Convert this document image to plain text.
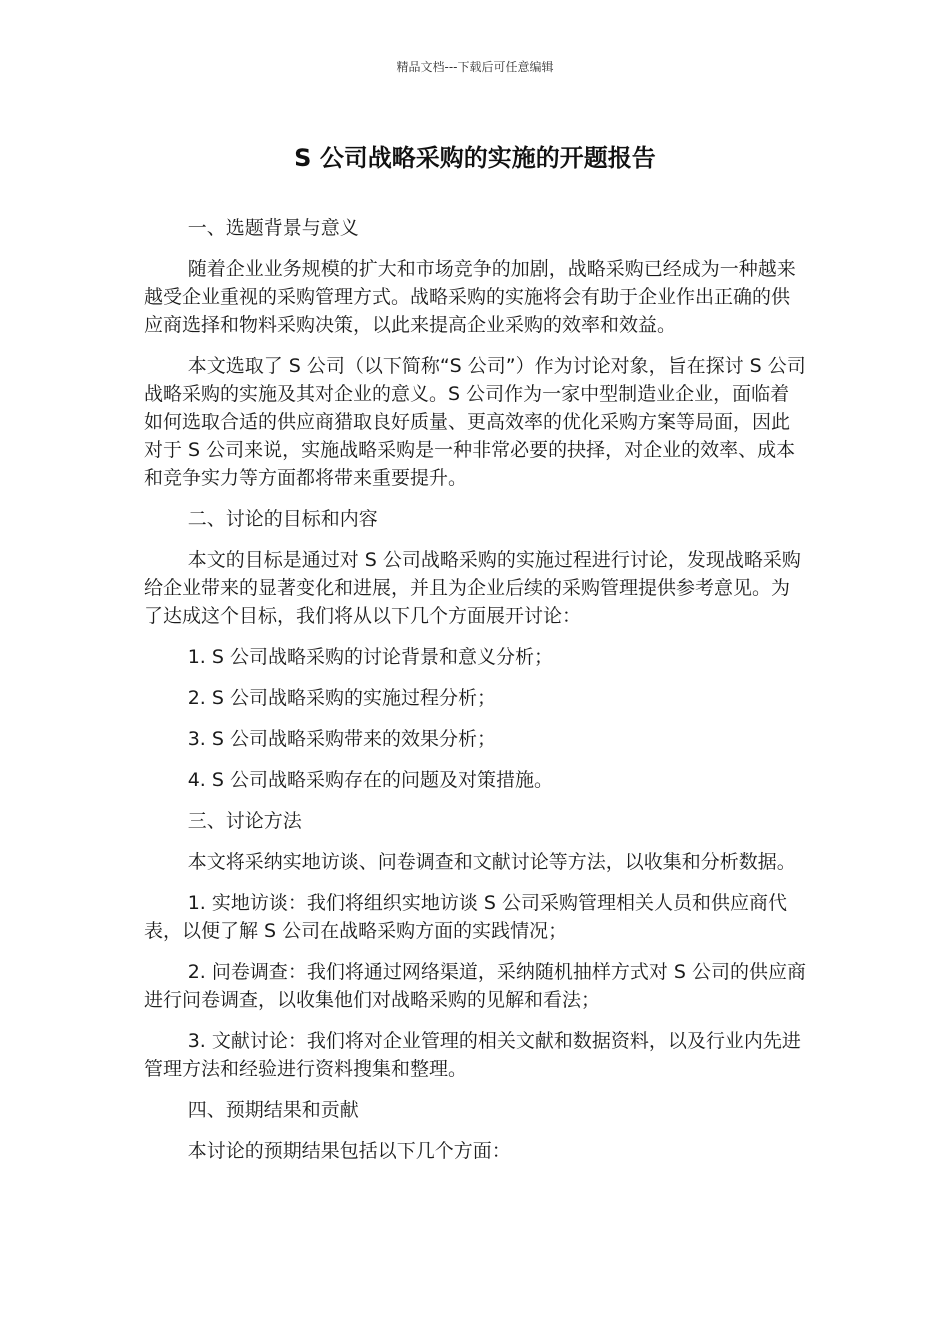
精品文档---下载后可任意编辑
S 公司战略采购的实施的开题报告

一、选题背景与意义

随着企业业务规模的扩大和市场竞争的加剧，战略采购已经成为一种越来越受企业重视的采购管理方式。战略采购的实施将会有助于企业作出正确的供应商选择和物料采购决策，以此来提高企业采购的效率和效益。

本文选取了 S 公司（以下简称“S 公司”）作为讨论对象，旨在探讨 S 公司战略采购的实施及其对企业的意义。S 公司作为一家中型制造业企业，面临着如何选取合适的供应商猎取良好质量、更高效率的优化采购方案等局面，因此对于 S 公司来说，实施战略采购是一种非常必要的抉择，对企业的效率、成本和竞争实力等方面都将带来重要提升。

二、讨论的目标和内容

本文的目标是通过对 S 公司战略采购的实施过程进行讨论，发现战略采购给企业带来的显著变化和进展，并且为企业后续的采购管理提供参考意见。为了达成这个目标，我们将从以下几个方面展开讨论：

1. S 公司战略采购的讨论背景和意义分析；

2. S 公司战略采购的实施过程分析；

3. S 公司战略采购带来的效果分析；

4. S 公司战略采购存在的问题及对策措施。

三、讨论方法

本文将采纳实地访谈、问卷调查和文献讨论等方法，以收集和分析数据。

1. 实地访谈：我们将组织实地访谈 S 公司采购管理相关人员和供应商代表，以便了解 S 公司在战略采购方面的实践情况；

2. 问卷调查：我们将通过网络渠道，采纳随机抽样方式对 S 公司的供应商进行问卷调查，以收集他们对战略采购的见解和看法；

3. 文献讨论：我们将对企业管理的相关文献和数据资料，以及行业内先进管理方法和经验进行资料搜集和整理。

四、预期结果和贡献

本讨论的预期结果包括以下几个方面：
